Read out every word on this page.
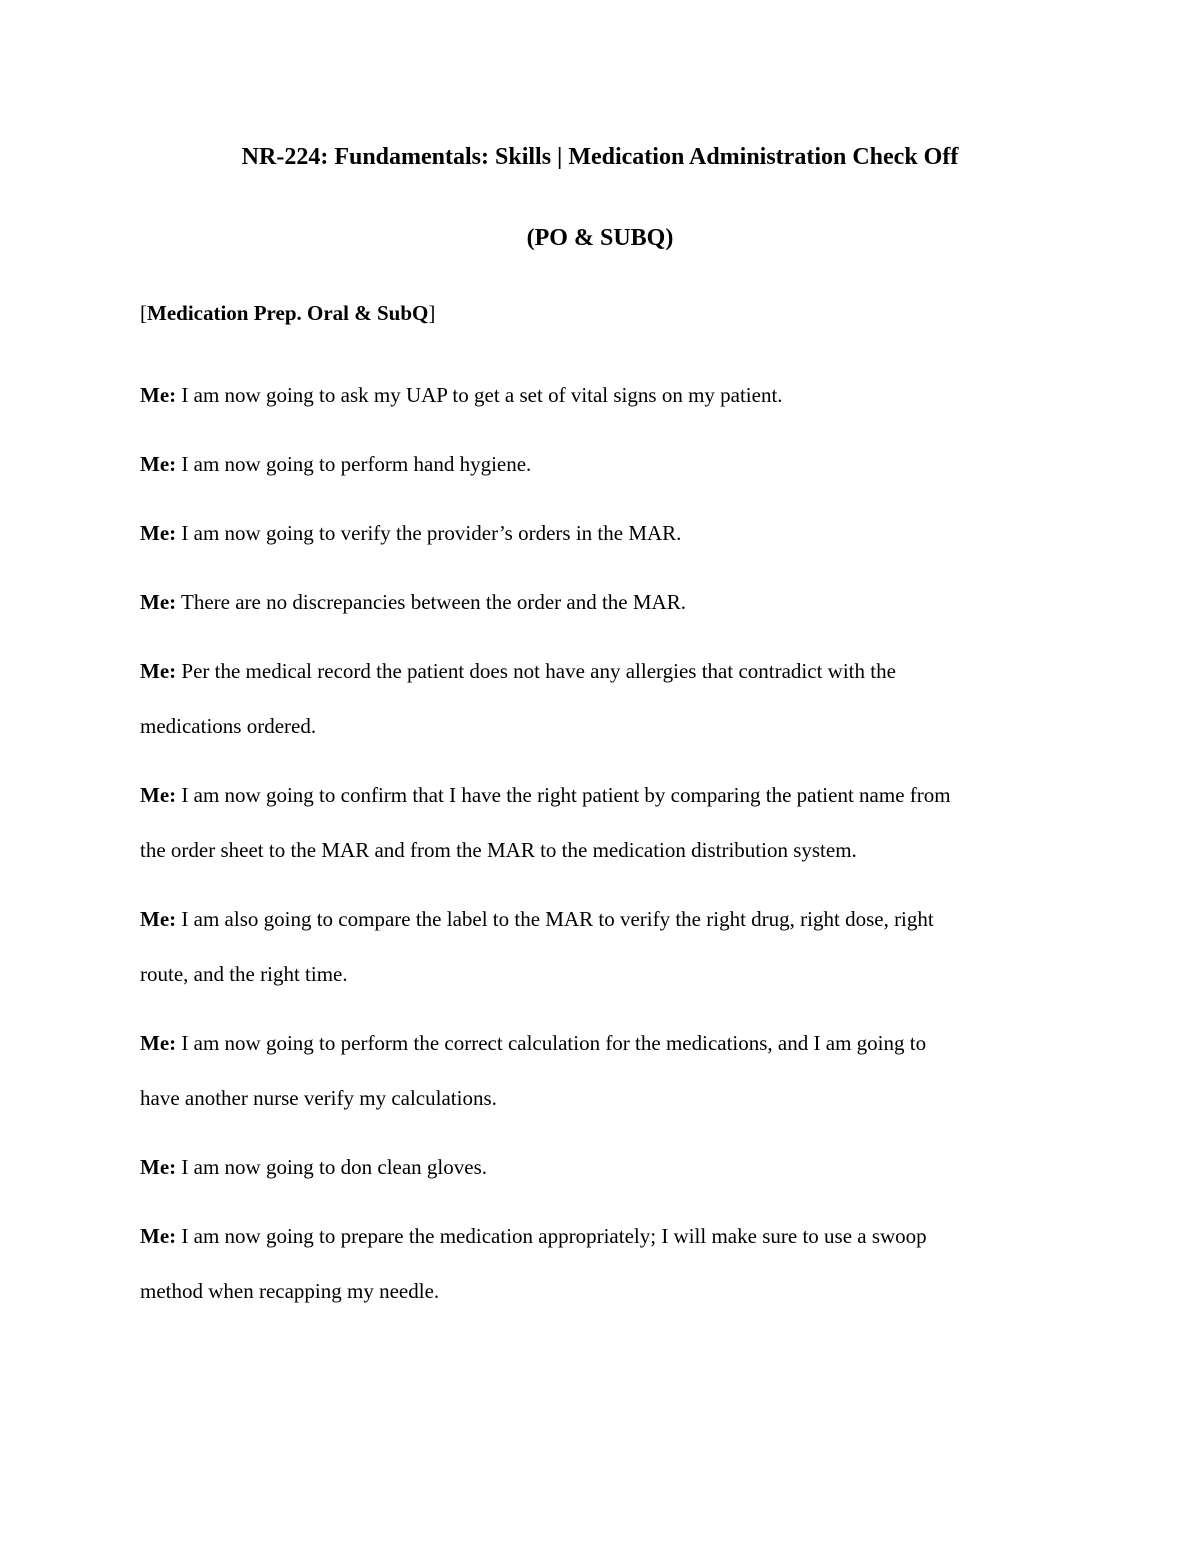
NR-224: Fundamentals: Skills | Medication Administration Check Off
(PO & SUBQ)

[Medication Prep. Oral & SubQ]

Me: I am now going to ask my UAP to get a set of vital signs on my patient.

Me: I am now going to perform hand hygiene.

Me: I am now going to verify the provider’s orders in the MAR.

Me: There are no discrepancies between the order and the MAR.

Me: Per the medical record the patient does not have any allergies that contradict with the
medications ordered.

Me: I am now going to confirm that I have the right patient by comparing the patient name from
the order sheet to the MAR and from the MAR to the medication distribution system.

Me: I am also going to compare the label to the MAR to verify the right drug, right dose, right
route, and the right time.

Me: I am now going to perform the correct calculation for the medications, and I am going to
have another nurse verify my calculations.

Me: I am now going to don clean gloves.

Me: I am now going to prepare the medication appropriately; I will make sure to use a swoop
method when recapping my needle.
